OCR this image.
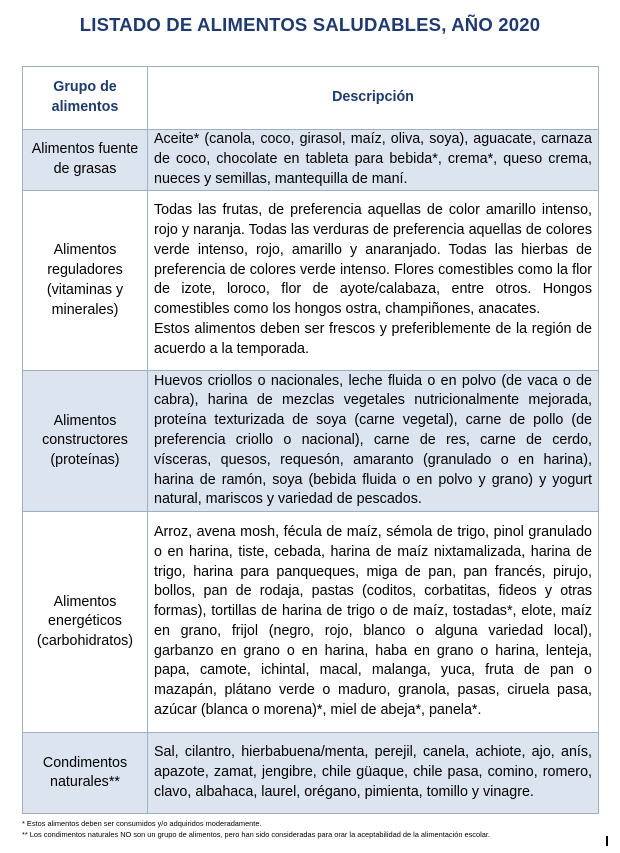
LISTADO DE ALIMENTOS SALUDABLES, AÑO 2020
Grupo de alimentos	Descripción
Alimentos fuente de grasas	Aceite* (canola, coco, girasol, maíz, oliva, soya), aguacate, carnaza de coco, chocolate en tableta para bebida*, crema*, queso crema, nueces y semillas, mantequilla de maní.

Alimentos reguladores (vitaminas y minerales)	Todas las frutas, de preferencia aquellas de color amarillo intenso, rojo y naranja. Todas las verduras de preferencia aquellas de colores verde intenso, rojo, amarillo y anaranjado. Todas las hierbas de preferencia de colores verde intenso. Flores comestibles como la flor de izote, loroco, flor de ayote/calabaza, entre otros. Hongos comestibles como los hongos ostra, champiñones, anacates.
Estos alimentos deben ser frescos y preferiblemente de la región de acuerdo a la temporada.

Alimentos constructores (proteínas)	Huevos criollos o nacionales, leche fluida o en polvo (de vaca o de cabra), harina de mezclas vegetales nutricionalmente mejorada, proteína texturizada de soya (carne vegetal), carne de pollo (de preferencia criollo o nacional), carne de res, carne de cerdo, vísceras, quesos, requesón, amaranto (granulado o en harina), harina de ramón, soya (bebida fluida o en polvo y grano) y yogurt natural, mariscos y variedad de pescados.

Alimentos energéticos (carbohidratos)	Arroz, avena mosh, fécula de maíz, sémola de trigo, pinol granulado o en harina, tiste, cebada, harina de maíz nixtamalizada, harina de trigo, harina para panqueques, miga de pan, pan francés, pirujo, bollos, pan de rodaja, pastas (coditos, corbatitas, fideos y otras formas), tortillas de harina de trigo o de maíz, tostadas*, elote, maíz en grano, frijol (negro, rojo, blanco o alguna variedad local), garbanzo en grano o en harina, haba en grano o harina, lenteja, papa, camote, ichintal, macal, malanga, yuca, fruta de pan o mazapán, plátano verde o maduro, granola, pasas, ciruela pasa, azúcar (blanca o morena)*, miel de abeja*, panela*.

Condimentos naturales**	Sal, cilantro, hierbabuena/menta, perejil, canela, achiote, ajo, anís, apazote, zamat, jengibre, chile güaque, chile pasa, comino, romero, clavo, albahaca, laurel, orégano, pimienta, tomillo y vinagre.
* Estos alimentos deben ser consumidos y/o adquiridos moderadamente.
** Los condimentos naturales NO son un grupo de alimentos, pero han sido consideradas para orar la aceptabilidad de la alimentación escolar.
